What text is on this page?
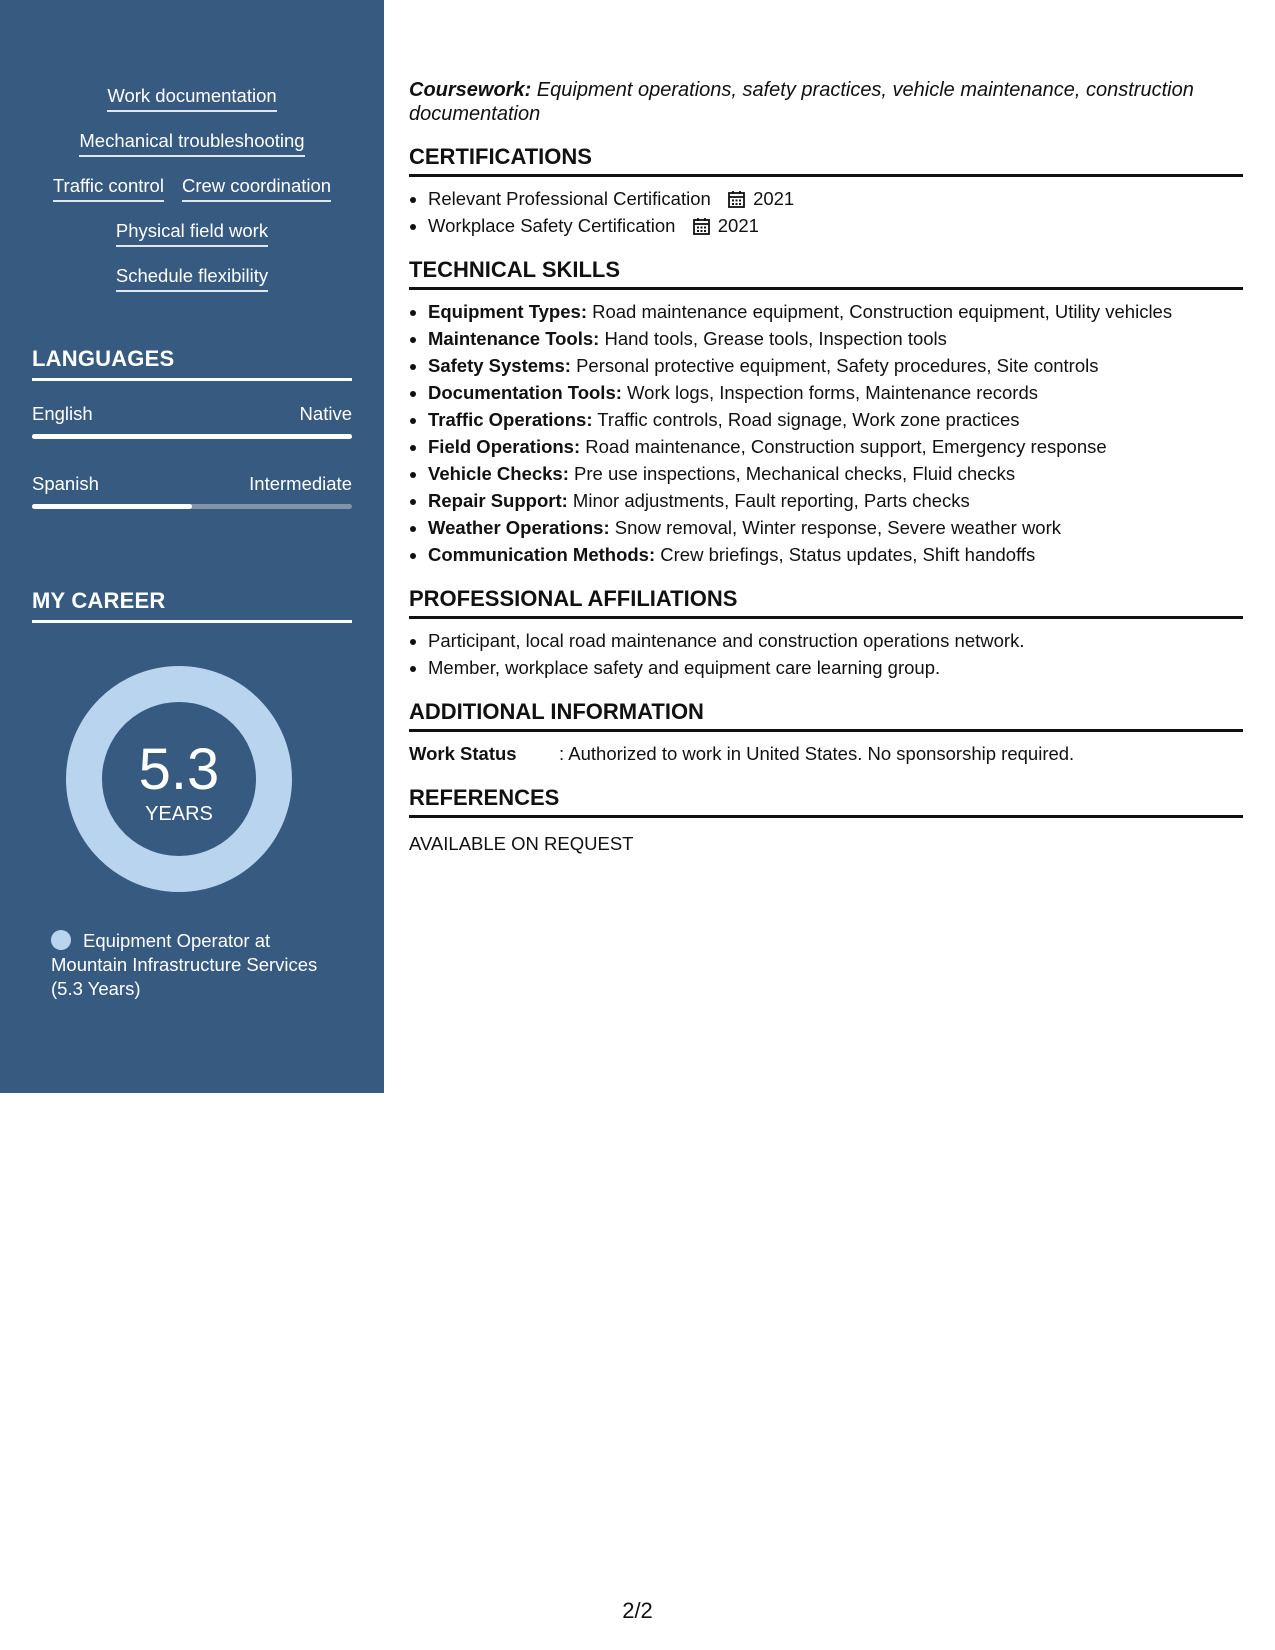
Work documentation
Mechanical troubleshooting
Traffic control Crew coordination
Physical field work
Schedule flexibility
LANGUAGES
English	Native
Spanish	Intermediate
MY CAREER
5.3
YEARS
Equipment Operator at Mountain Infrastructure Services (5.3 Years)

Coursework: Equipment operations, safety practices, vehicle maintenance, construction documentation

CERTIFICATIONS
• Relevant Professional Certification 2021
• Workplace Safety Certification 2021
TECHNICAL SKILLS
• Equipment Types: Road maintenance equipment, Construction equipment, Utility vehicles
• Maintenance Tools: Hand tools, Grease tools, Inspection tools
• Safety Systems: Personal protective equipment, Safety procedures, Site controls
• Documentation Tools: Work logs, Inspection forms, Maintenance records
• Traffic Operations: Traffic controls, Road signage, Work zone practices
• Field Operations: Road maintenance, Construction support, Emergency response
• Vehicle Checks: Pre use inspections, Mechanical checks, Fluid checks
• Repair Support: Minor adjustments, Fault reporting, Parts checks
• Weather Operations: Snow removal, Winter response, Severe weather work
• Communication Methods: Crew briefings, Status updates, Shift handoffs
PROFESSIONAL AFFILIATIONS
• Participant, local road maintenance and construction operations network.
• Member, workplace safety and equipment care learning group.
ADDITIONAL INFORMATION
Work Status	: Authorized to work in United States. No sponsorship required.
REFERENCES
AVAILABLE ON REQUEST
2/2
